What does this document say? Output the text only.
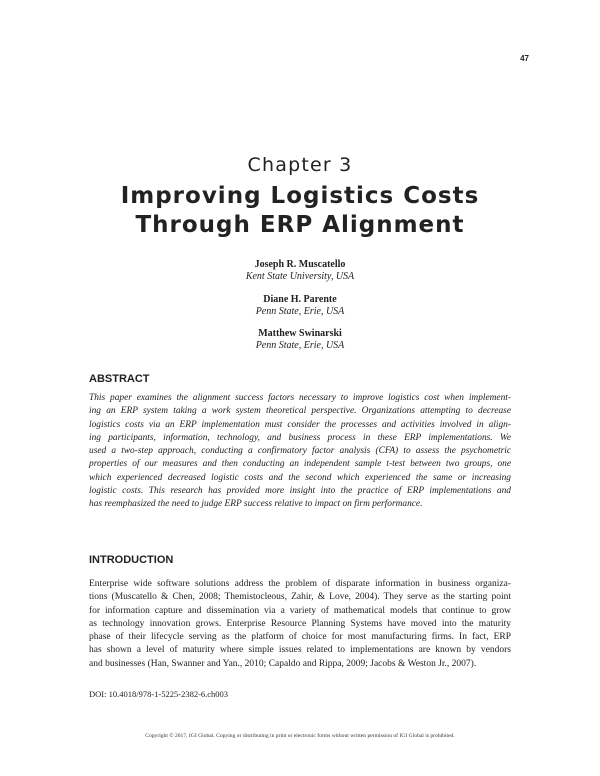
47
Chapter 3
Improving Logistics Costs
Through ERP Alignment
Joseph R. Muscatello
Kent State University, USA
Diane H. Parente
Penn State, Erie, USA
Matthew Swinarski
Penn State, Erie, USA
ABSTRACT

This paper examines the alignment success factors necessary to improve logistics cost when implement-
ing an ERP system taking a work system theoretical perspective. Organizations attempting to decrease
logistics costs via an ERP implementation must consider the processes and activities involved in align-
ing participants, information, technology, and business process in these ERP implementations. We
used a two-step approach, conducting a confirmatory factor analysis (CFA) to assess the psychometric
properties of our measures and then conducting an independent sample t-test between two groups, one
which experienced decreased logistic costs and the second which experienced the same or increasing
logistic costs. This research has provided more insight into the practice of ERP implementations and
has reemphasized the need to judge ERP success relative to impact on firm performance.

INTRODUCTION

Enterprise wide software solutions address the problem of disparate information in business organiza-
tions (Muscatello & Chen, 2008; Themistocleous, Zahir, & Love, 2004). They serve as the starting point
for information capture and dissemination via a variety of mathematical models that continue to grow
as technology innovation grows. Enterprise Resource Planning Systems have moved into the maturity
phase of their lifecycle serving as the platform of choice for most manufacturing firms. In fact, ERP
has shown a level of maturity where simple issues related to implementations are known by vendors
and businesses (Han, Swanner and Yan., 2010; Capaldo and Rippa, 2009; Jacobs & Weston Jr., 2007).

DOI: 10.4018/978-1-5225-2382-6.ch003
Copyright © 2017, IGI Global. Copying or distributing in print or electronic forms without written permission of IGI Global is prohibited.
